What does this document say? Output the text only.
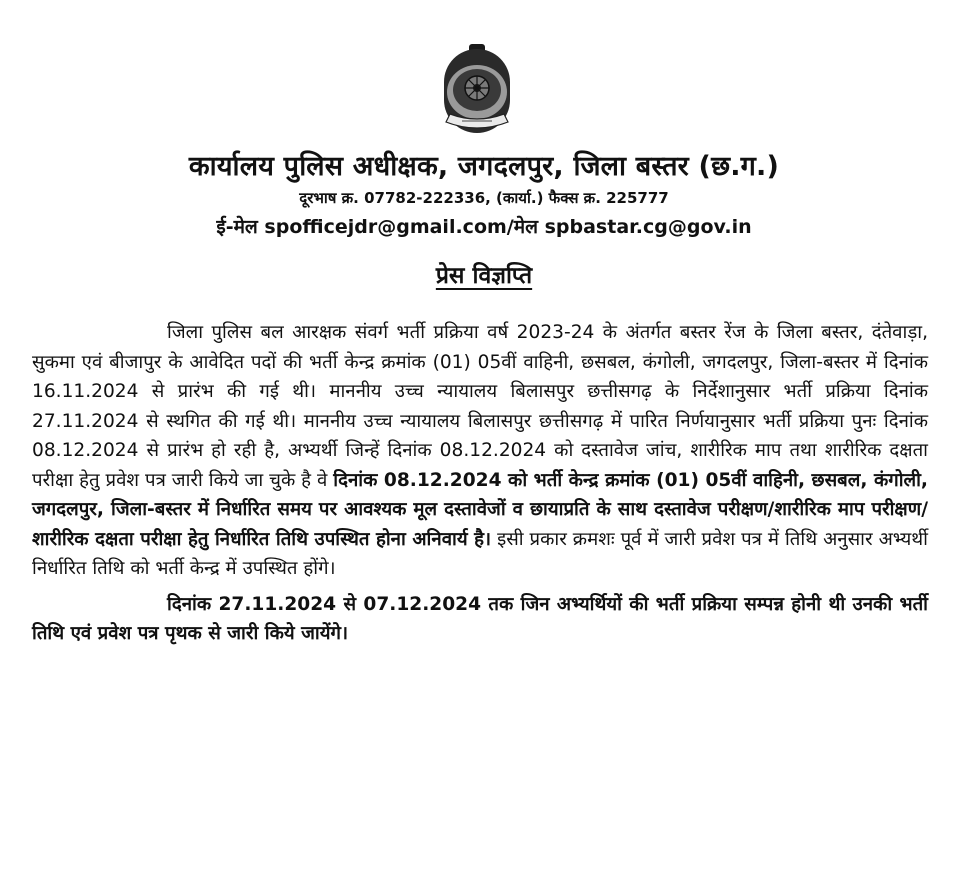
कार्यालय पुलिस अधीक्षक, जगदलपुर, जिला बस्तर (छ.ग.)
दूरभाष क्र. 07782-222336, (कार्या.) फैक्स क्र. 225777
ई-मेल spofficejdr@gmail.com/मेल spbastar.cg@gov.in
प्रेस विज्ञप्ति

जिला पुलिस बल आरक्षक संवर्ग भर्ती प्रक्रिया वर्ष 2023-24 के अंतर्गत बस्तर रेंज के जिला बस्तर, दंतेवाड़ा, सुकमा एवं बीजापुर के आवेदित पदों की भर्ती केन्द्र क्रमांक (01) 05वीं वाहिनी, छसबल, कंगोली, जगदलपुर, जिला-बस्तर में दिनांक 16.11.2024 से प्रारंभ की गई थी। माननीय उच्च न्यायालय बिलासपुर छत्तीसगढ़ के निर्देशानुसार भर्ती प्रक्रिया दिनांक 27.11.2024 से स्थगित की गई थी। माननीय उच्च न्यायालय बिलासपुर छत्तीसगढ़ में पारित निर्णयानुसार भर्ती प्रक्रिया पुनः दिनांक 08.12.2024 से प्रारंभ हो रही है, अभ्यर्थी जिन्हें दिनांक 08.12.2024 को दस्तावेज जांच, शारीरिक माप तथा शारीरिक दक्षता परीक्षा हेतु प्रवेश पत्र जारी किये जा चुके है वे दिनांक 08.12.2024 को भर्ती केन्द्र क्रमांक (01) 05वीं वाहिनी, छसबल, कंगोली, जगदलपुर, जिला-बस्तर में निर्धारित समय पर आवश्यक मूल दस्तावेजों व छायाप्रति के साथ दस्तावेज परीक्षण/शारीरिक माप परीक्षण/शारीरिक दक्षता परीक्षा हेतु निर्धारित तिथि उपस्थित होना अनिवार्य है। इसी प्रकार क्रमशः पूर्व में जारी प्रवेश पत्र में तिथि अनुसार अभ्यर्थी निर्धारित तिथि को भर्ती केन्द्र में उपस्थित होंगे।

दिनांक 27.11.2024 से 07.12.2024 तक जिन अभ्यर्थियों की भर्ती प्रक्रिया सम्पन्न होनी थी उनकी भर्ती तिथि एवं प्रवेश पत्र पृथक से जारी किये जायेंगे।
